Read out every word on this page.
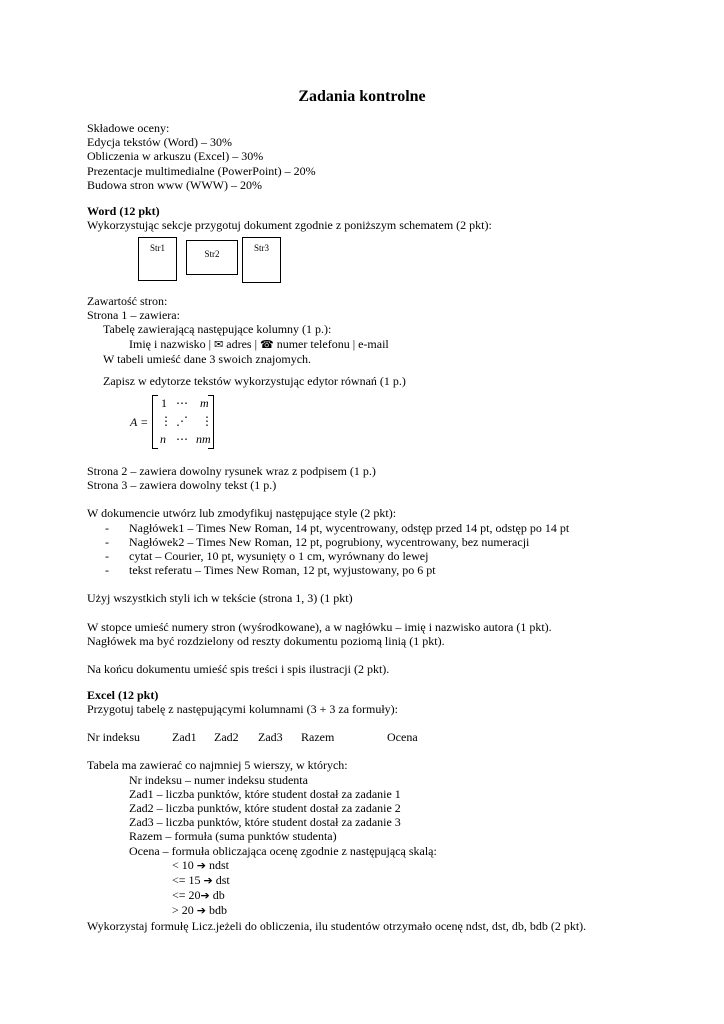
Zadania kontrolne
Składowe oceny:
Edycja tekstów (Word) – 30%
Obliczenia w arkuszu (Excel) – 30%
Prezentacje multimedialne (PowerPoint) – 20%
Budowa stron www (WWW) – 20%
Word (12 pkt)
Wykorzystując sekcje przygotuj dokument zgodnie z poniższym schematem (2 pkt):
Str1
Str2
Str3
Zawartość stron:
Strona 1 – zawiera:
Tabelę zawierającą następujące kolumny (1 p.):
Imię i nazwisko | ✉ adres | ☎ numer telefonu | e-mail
W tabeli umieść dane 3 swoich znajomych.
Zapisz w edytorze tekstów wykorzystując edytor równań (1 p.)
A =
1 ⋯ m
⋮ ⋰ ⋮
n ⋯ nm
Strona 2 – zawiera dowolny rysunek wraz z podpisem (1 p.)
Strona 3 – zawiera dowolny tekst (1 p.)
W dokumencie utwórz lub zmodyfikuj następujące style (2 pkt):
- Nagłówek1 – Times New Roman, 14 pt, wycentrowany, odstęp przed 14 pt, odstęp po 14 pt
- Nagłówek2 – Times New Roman, 12 pt, pogrubiony, wycentrowany, bez numeracji
- cytat – Courier, 10 pt, wysunięty o 1 cm, wyrównany do lewej
- tekst referatu – Times New Roman, 12 pt, wyjustowany, po 6 pt
Użyj wszystkich styli ich w tekście (strona 1, 3) (1 pkt)
W stopce umieść numery stron (wyśrodkowane), a w nagłówku – imię i nazwisko autora (1 pkt).
Nagłówek ma być rozdzielony od reszty dokumentu poziomą linią (1 pkt).
Na końcu dokumentu umieść spis treści i spis ilustracji (2 pkt).
Excel (12 pkt)
Przygotuj tabelę z następującymi kolumnami (3 + 3 za formuły):
Nr indeksu	Zad1 Zad2 Zad3 Razem	Ocena
Tabela ma zawierać co najmniej 5 wierszy, w których:
Nr indeksu – numer indeksu studenta
Zad1 – liczba punktów, które student dostał za zadanie 1
Zad2 – liczba punktów, które student dostał za zadanie 2
Zad3 – liczba punktów, które student dostał za zadanie 3
Razem – formuła (suma punktów studenta)
Ocena – formuła obliczająca ocenę zgodnie z następującą skalą:
< 10 ➔ ndst
<= 15 ➔ dst
<= 20➔ db
> 20 ➔ bdb
Wykorzystaj formułę Licz.jeżeli do obliczenia, ilu studentów otrzymało ocenę ndst, dst, db, bdb (2 pkt).
